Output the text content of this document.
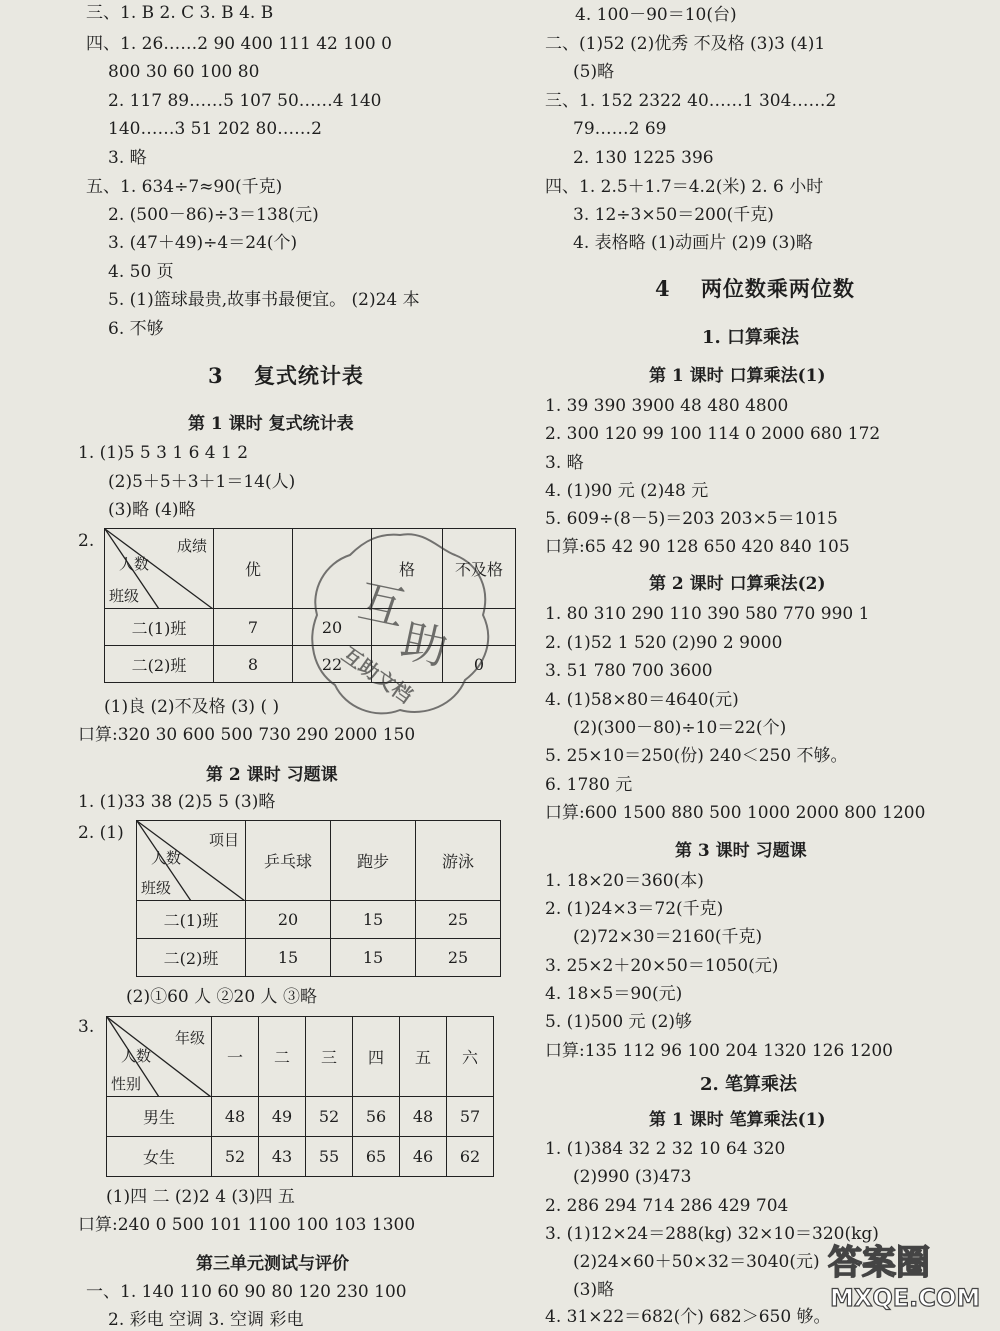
三、1. B 2. C 3. B 4. B
四、1. 26……2 90 400 111 42 100 0
800 30 60 100 80
2. 117 89……5 107 50……4 140
140……3 51 202 80……2
3. 略
五、1. 634÷7≈90(千克)
2. (500－86)÷3＝138(元)
3. (47＋49)÷4＝24(个)
4. 50 页
5. (1)篮球最贵,故事书最便宜。 (2)24 本
6. 不够
3 复式统计表
第 1 课时 复式统计表
1. (1)5 5 3 1 6 4 1 2
(2)5＋5＋3＋1＝14(人)
(3)略 (4)略
2.	成绩
人数
班级	优		格	不及格
二(1)班	7	20		
二(2)班	8	22		0
(1)良 (2)不及格 (3) ( )
口算:320 30 600 500 730 290 2000 150
第 2 课时 习题课
1. (1)33 38 (2)5 5 (3)略
2. (1)	项目
人数
班级	乒乓球	跑步	游泳
二(1)班	20	15	25
二(2)班	15	15	25
(2)①60 人 ②20 人 ③略
3.
年级
人数
性别	一	二	三	四	五	六
男生	48	49	52	56	48	57
女生	52	43	55	65	46	62
(1)四 二 (2)2 4 (3)四 五
口算:240 0 500 101 1100 100 103 1300
第三单元测试与评价
一、1. 140 110 60 90 80 120 230 100
2. 彩电 空调 3. 空调 彩电
4. 100－90＝10(台)
二、(1)52 (2)优秀 不及格 (3)3 (4)1
(5)略
三、1. 152 2322 40……1 304……2
79……2 69
2. 130 1225 396
四、1. 2.5＋1.7＝4.2(米) 2. 6 小时
3. 12÷3×50＝200(千克)
4. 表格略 (1)动画片 (2)9 (3)略
4 两位数乘两位数
1. 口算乘法
第 1 课时 口算乘法(1)
1. 39 390 3900 48 480 4800
2. 300 120 99 100 114 0 2000 680 172
3. 略
4. (1)90 元 (2)48 元
5. 609÷(8－5)＝203 203×5＝1015
口算:65 42 90 128 650 420 840 105
第 2 课时 口算乘法(2)
1. 80 310 290 110 390 580 770 990 1
2. (1)52 1 520 (2)90 2 9000
3. 51 780 700 3600
4. (1)58×80＝4640(元)
(2)(300－80)÷10＝22(个)
5. 25×10＝250(份) 240＜250 不够。
6. 1780 元
口算:600 1500 880 500 1000 2000 800 1200
第 3 课时 习题课
1. 18×20＝360(本)
2. (1)24×3＝72(千克)
(2)72×30＝2160(千克)
3. 25×2＋20×50＝1050(元)
4. 18×5＝90(元)
5. (1)500 元 (2)够
口算:135 112 96 100 204 1320 126 1200
2. 笔算乘法
第 1 课时 笔算乘法(1)
1. (1)384 32 2 32 10 64 320
(2)990 (3)473
2. 286 294 714 286 429 704
3. (1)12×24＝288(kg) 32×10＝320(kg)
(2)24×60＋50×32＝3040(元)
(3)略
4. 31×22＝682(个) 682＞650 够。
互
助
互助文档
答案圈
MXQE.COM
